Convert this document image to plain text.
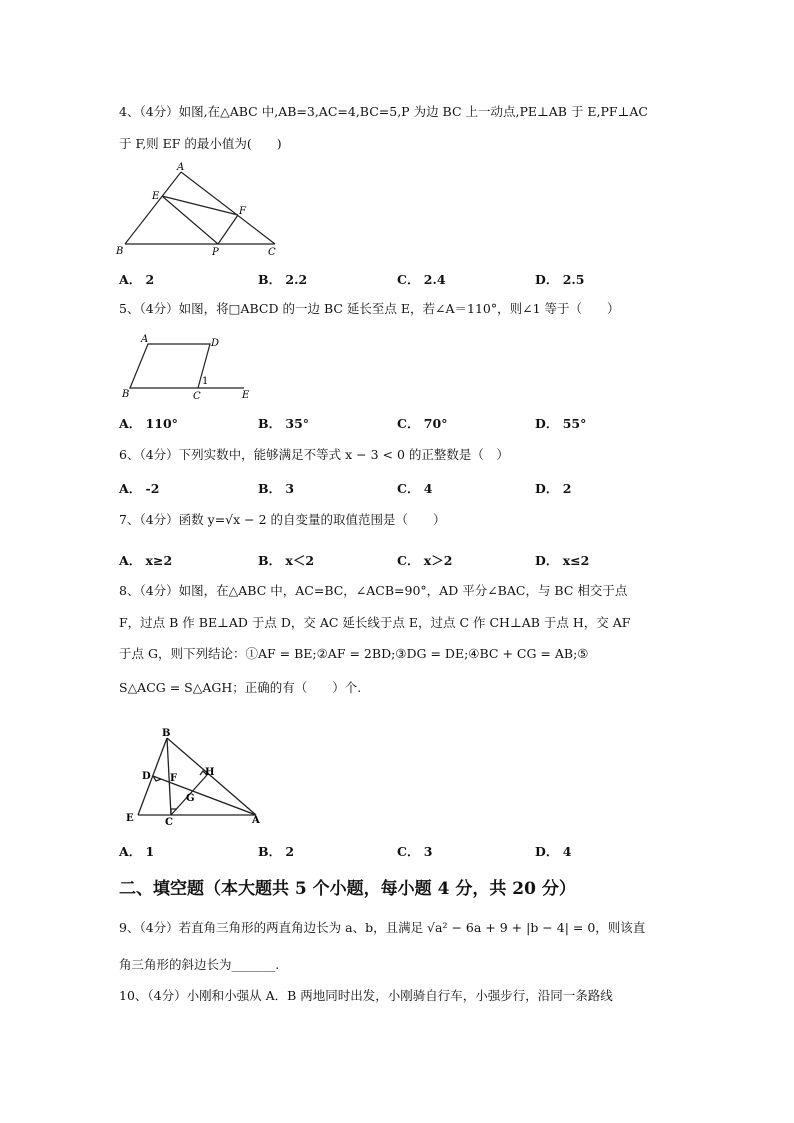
4、（4分）如图,在△ABC 中,AB=3,AC=4,BC=5,P 为边 BC 上一动点,PE⊥AB 于 E,PF⊥AC
于 F,则 EF 的最小值为(　　)
A
B	C
E
F
P
A． 2	B． 2.2	C． 2.4	D． 2.5
5、（4分）如图，将□ABCD 的一边 BC 延长至点 E，若∠A＝110°，则∠1 等于（　　）
A	D
B	C	E
1
A． 110°	B． 35°	C． 70°	D． 55°
6、（4分）下列实数中，能够满足不等式 x − 3 < 0 的正整数是（　）
A． -2	B． 3	C． 4	D． 2
7、（4分）函数 y=√x − 2 的自变量的取值范围是（　　）
A． x≥2	B． x＜2	C． x＞2	D． x≤2
8、（4分）如图，在△ABC 中，AC=BC，∠ACB=90°，AD 平分∠BAC，与 BC 相交于点
F，过点 B 作 BE⊥AD 于点 D，交 AC 延长线于点 E，过点 C 作 CH⊥AB 于点 H，交 AF
于点 G，则下列结论：①AF = BE;②AF = 2BD;③DG = DE;④BC + CG = AB;⑤
S△ACG = S△AGH；正确的有（　　）个.
B
D F
H
G
E	C	A
A． 1	B． 2	C． 3	D． 4
二、填空题（本大题共 5 个小题，每小题 4 分，共 20 分）
9、（4分）若直角三角形的两直角边长为 a、b，且满足 √a² − 6a + 9 + |b − 4| = 0，则该直
角三角形的斜边长为_______.
10、（4分）小刚和小强从 A．B 两地同时出发，小刚骑自行车，小强步行，沿同一条路线
